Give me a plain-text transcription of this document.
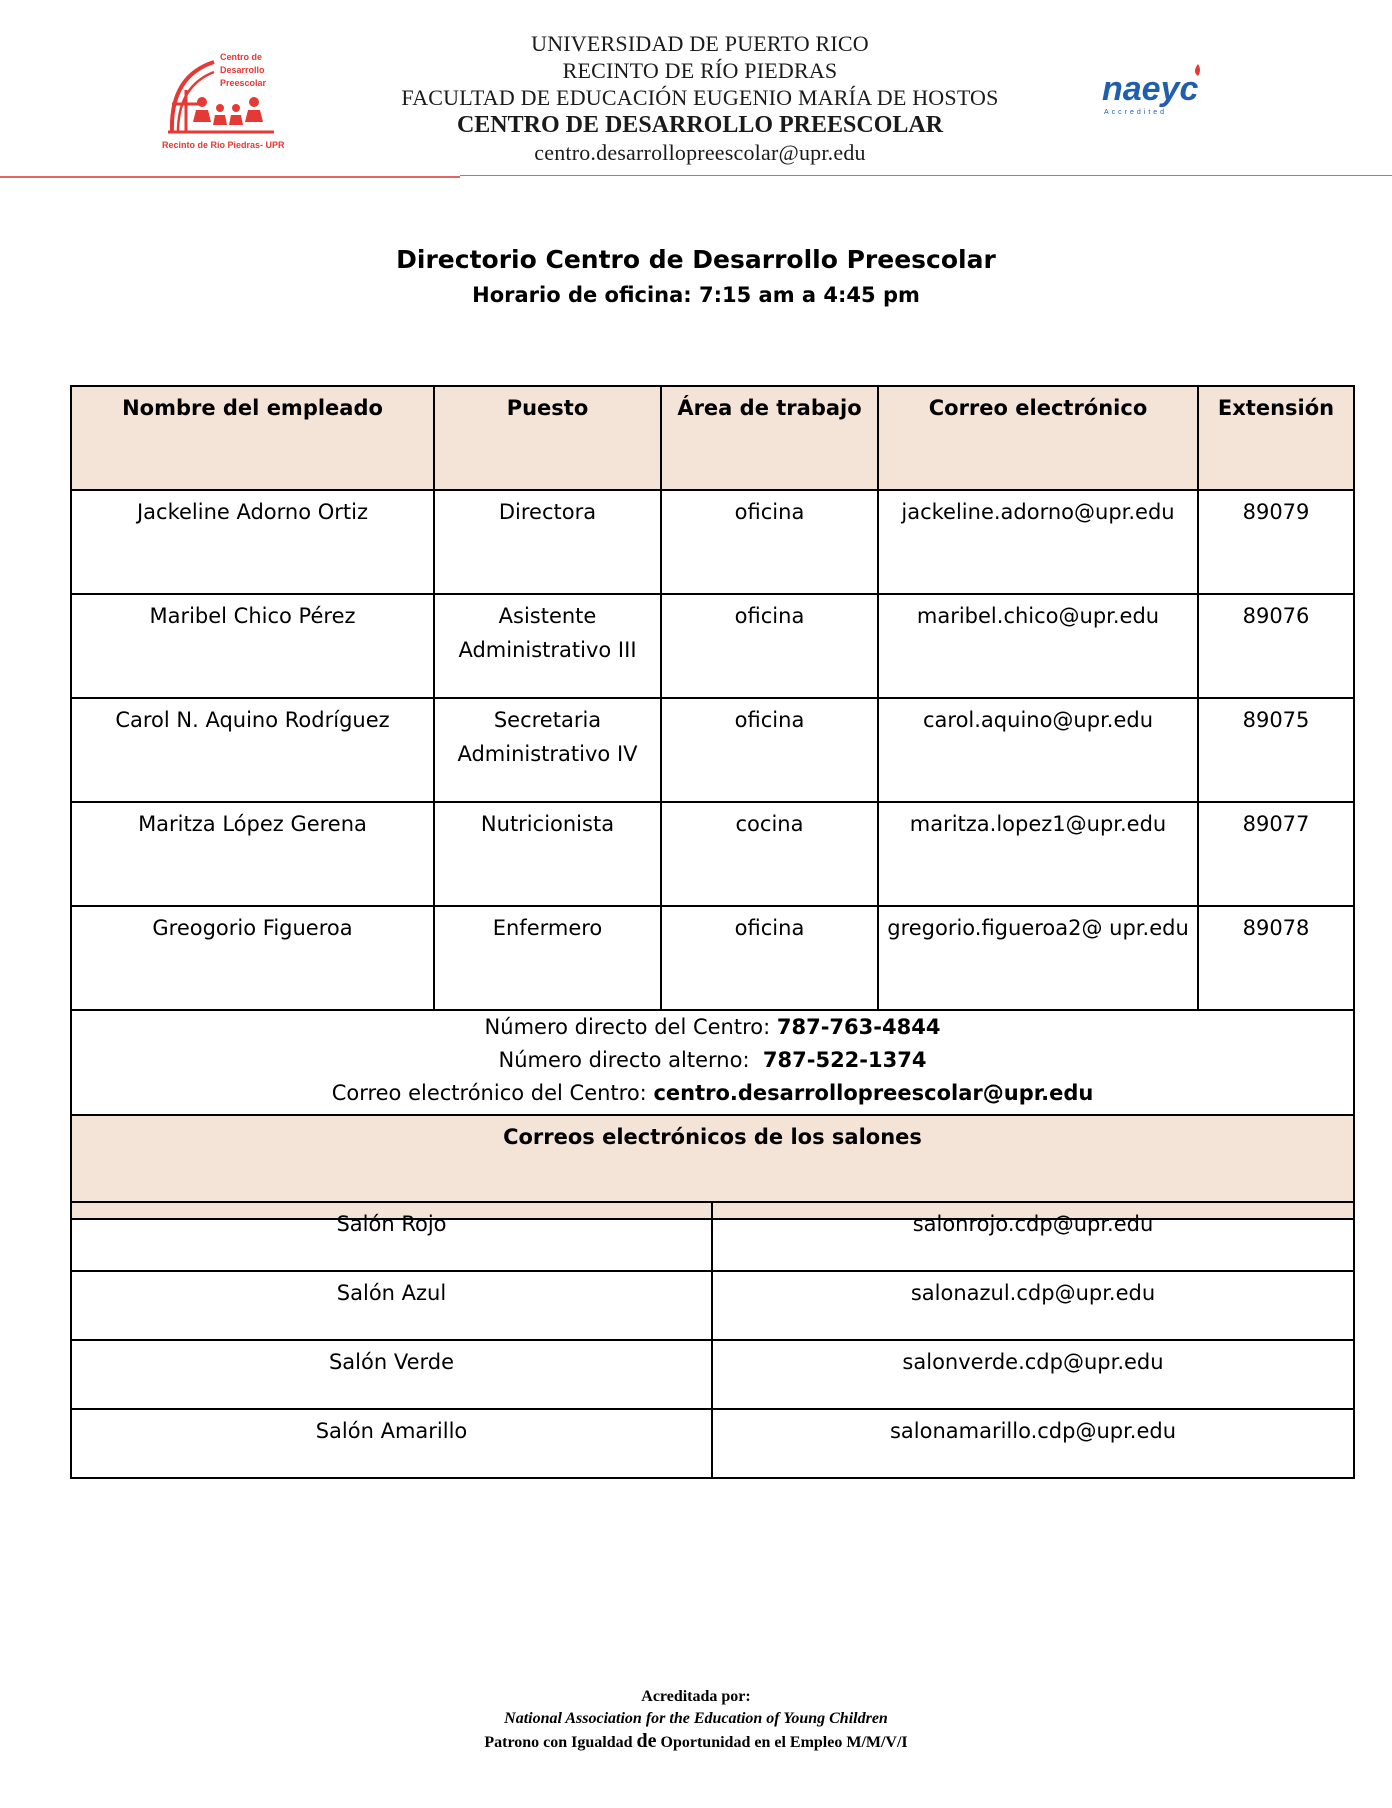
Centro de
Desarrollo
Preescolar
Recinto de Río Piedras- UPR
UNIVERSIDAD DE PUERTO RICO
RECINTO DE RÍO PIEDRAS
FACULTAD DE EDUCACIÓN EUGENIO MARÍA DE HOSTOS
CENTRO DE DESARROLLO PREESCOLAR
centro.desarrollopreescolar@upr.edu
naeyc
Accredited
Directorio Centro de Desarrollo Preescolar
Horario de oficina: 7:15 am a 4:45 pm
Nombre del empleado	Puesto	Área de trabajo	Correo electrónico	Extensión
Jackeline Adorno Ortiz	Directora	oficina	jackeline.adorno@upr.edu	89079
Maribel Chico Pérez	Asistente Administrativo III	oficina	maribel.chico@upr.edu	89076
Carol N. Aquino Rodríguez	Secretaria Administrativo IV	oficina	carol.aquino@upr.edu	89075
Maritza López Gerena	Nutricionista	cocina	maritza.lopez1@upr.edu	89077
Greogorio Figueroa	Enfermero	oficina	gregorio.figueroa2@ upr.edu	89078

Número directo del Centro: 787-763-4844
Número directo alterno: 787-522-1374
Correo electrónico del Centro: centro.desarrollopreescolar@upr.edu				

Correos electrónicos de los salones				
Salón Rojo	salonrojo.cdp@upr.edu
Salón Azul	salonazul.cdp@upr.edu
Salón Verde	salonverde.cdp@upr.edu
Salón Amarillo	salonamarillo.cdp@upr.edu
Acreditada por:
National Association for the Education of Young Children
Patrono con Igualdad de Oportunidad en el Empleo M/M/V/I
